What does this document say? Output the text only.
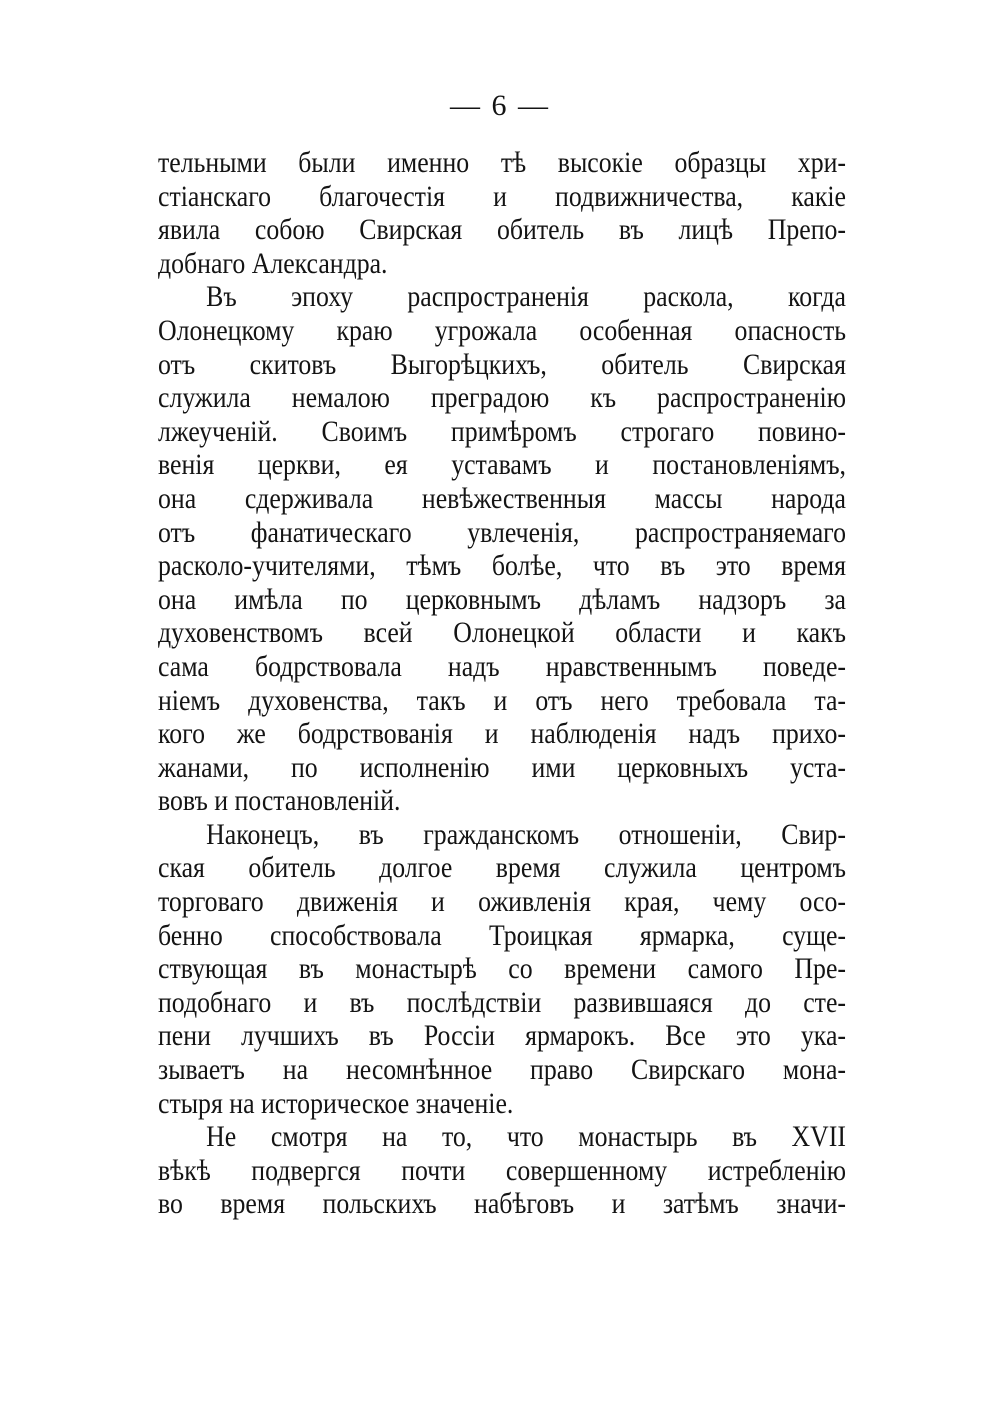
— 6 —
тельными были именно тѣ высокіе образцы хри-
стіанскаго благочестія и подвижничества, какіе
явила собою Свирская обитель въ лицѣ Препо-
добнаго Александра.
Въ эпоху распространенія раскола, когда
Олонецкому краю угрожала особенная опасность
отъ скитовъ Выгорѣцкихъ, обитель Свирская
служила немалою преградою къ распространенію
лжеученій. Своимъ примѣромъ строгаго повино-
венія церкви, ея уставамъ и постановленіямъ,
она сдерживала невѣжественныя массы народа
отъ фанатическаго увлеченія, распространяемаго
расколо-учителями, тѣмъ болѣе, что въ это время
она имѣла по церковнымъ дѣламъ надзоръ за
духовенствомъ всей Олонецкой области и какъ
сама бодрствовала надъ нравственнымъ поведе-
ніемъ духовенства, такъ и отъ него требовала та-
кого же бодрствованія и наблюденія надъ прихо-
жанами, по исполненію ими церковныхъ уста-
вовъ и постановленій.
Наконецъ, въ гражданскомъ отношеніи, Свир-
ская обитель долгое время служила центромъ
торговаго движенія и оживленія края, чему осо-
бенно способствовала Троицкая ярмарка, суще-
ствующая въ монастырѣ со времени самого Пре-
подобнаго и въ послѣдствіи развившаяся до сте-
пени лучшихъ въ Россіи ярмарокъ. Все это ука-
зываетъ на несомнѣнное право Свирскаго мона-
стыря на историческое значеніе.
Не смотря на то, что монастырь въ XVII
вѣкѣ подвергся почти совершенному истребленію
во время польскихъ набѣговъ и затѣмъ значи-
